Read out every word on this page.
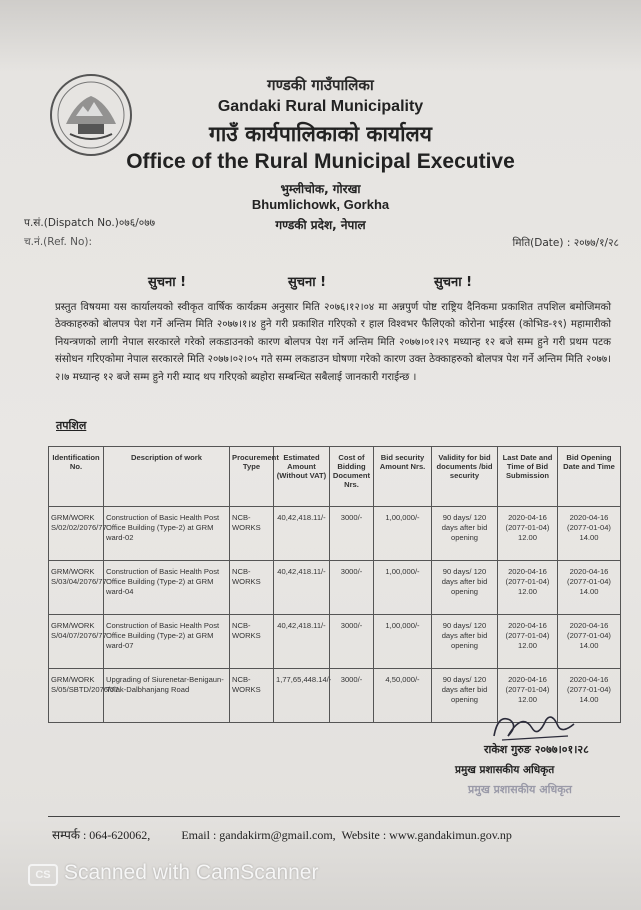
गण्डकी गाउँपालिका
Gandaki Rural Municipality
गाउँ कार्यपालिकाको कार्यालय
Office of the Rural Municipal Executive
भुम्लीचोक, गोरखा
Bhumlichowk, Gorkha
गण्डकी प्रदेश, नेपाल
प.सं.(Dispatch No.)०७६/०७७
च.नं.(Ref. No):	मिति(Date) : २०७७/१/२८
सुचना !	सुचना !	सुचना !
प्रस्तुत विषयमा यस कार्यालयको स्वीकृत वार्षिक कार्यक्रम अनुसार मिति २०७६।१२।०४ मा अन्नपुर्ण पोष्ट राष्ट्रिय दैनिकमा प्रकाशित तपशिल बमोजिमको ठेक्काहरुको बोलपत्र पेश गर्ने अन्तिम मिति २०७७।१।४ हुने गरी प्रकाशित गरिएको र हाल विश्वभर फैलिएको कोरोना भाईरस (कोभिड-१९) महामारीको नियन्त्रणको लागी नेपाल सरकारले गरेको लकडाउनको कारण बोलपत्र पेश गर्ने अन्तिम मिति २०७७।०१।२९ मध्यान्ह १२ बजे सम्म हुने गरी प्रथम पटक संसोधन गरिएकोमा नेपाल सरकारले मिति २०७७।०२।०५ गते सम्म लकडाउन घोषणा गरेको कारण उक्त ठेक्काहरुको बोलपत्र पेश गर्ने अन्तिम मिति २०७७।२।७ मध्यान्ह १२ बजे सम्म हुने गरी म्याद थप गरिएको ब्यहोरा सम्बन्धित सबैलाई जानकारी गराईन्छ ।
तपशिल
Identification No.	Description of work	Procurement Type	Estimated Amount (Without VAT)	Cost of Bidding Document Nrs.	Bid security Amount Nrs.	Validity for bid documents /bid security	Last Date and Time of Bid Submission	Bid Opening Date and Time
GRM/WORK S/02/02/2076/77	Construction of Basic Health Post Office Building (Type-2) at GRM ward-02	NCB-WORKS	40,42,418.11/-	3000/-	1,00,000/-	90 days/ 120 days after bid opening	2020-04-16 (2077-01-04) 12.00	2020-04-16 (2077-01-04) 14.00
GRM/WORK S/03/04/2076/77	Construction of Basic Health Post Office Building (Type-2) at GRM ward-04	NCB-WORKS	40,42,418.11/-	3000/-	1,00,000/-	90 days/ 120 days after bid opening	2020-04-16 (2077-01-04) 12.00	2020-04-16 (2077-01-04) 14.00
GRM/WORK S/04/07/2076/77	Construction of Basic Health Post Office Building (Type-2) at GRM ward-07	NCB-WORKS	40,42,418.11/-	3000/-	1,00,000/-	90 days/ 120 days after bid opening	2020-04-16 (2077-01-04) 12.00	2020-04-16 (2077-01-04) 14.00
GRM/WORK S/05/SBTD/2076/77	Upgrading of Siurenetar-Benigaun-Tolak-Dalbhanjang Road	NCB-WORKS	1,77,65,448.14/-	3000/-	4,50,000/-	90 days/ 120 days after bid opening	2020-04-16 (2077-01-04) 12.00	2020-04-16 (2077-01-04) 14.00
राकेश गुरुङ २०७७।०१।२८
प्रमुख प्रशासकीय अधिकृत
प्रमुख प्रशासकीय अधिकृत
सम्पर्क : 064-620062,	Email : gandakirm@gmail.com, Website : www.gandakimun.gov.np
CS Scanned with CamScanner
